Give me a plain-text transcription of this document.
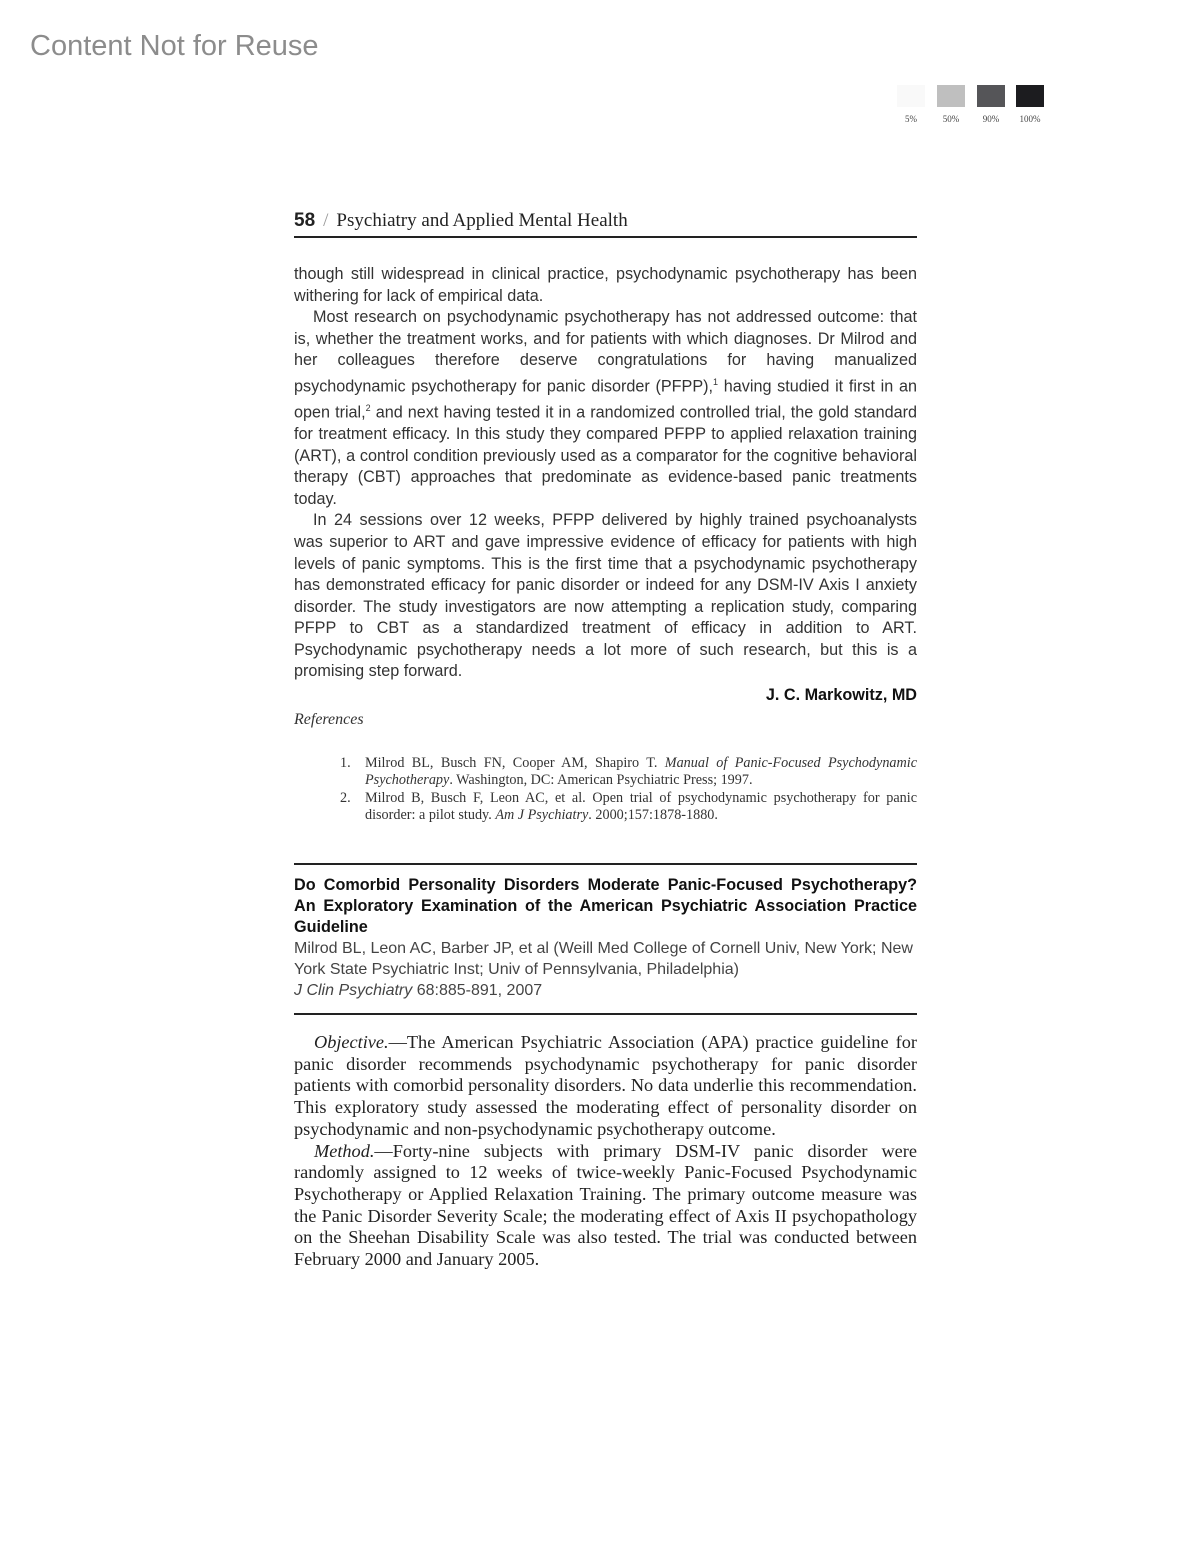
Content Not for Reuse
5%	50%	90%	100%
58 / Psychiatry and Applied Mental Health

though still widespread in clinical practice, psychodynamic psychotherapy has been withering for lack of empirical data.

Most research on psychodynamic psychotherapy has not addressed outcome: that is, whether the treatment works, and for patients with which diagnoses. Dr Milrod and her colleagues therefore deserve congratulations for having manualized psychodynamic psychotherapy for panic disorder (PFPP),$^1$ having studied it first in an open trial,$^2$ and next having tested it in a randomized controlled trial, the gold standard for treatment efficacy. In this study they compared PFPP to applied relaxation training (ART), a control condition previously used as a comparator for the cognitive behavioral therapy (CBT) approaches that predominate as evidence-based panic treatments today.

In 24 sessions over 12 weeks, PFPP delivered by highly trained psychoanalysts was superior to ART and gave impressive evidence of efficacy for patients with high levels of panic symptoms. This is the first time that a psychodynamic psychotherapy has demonstrated efficacy for panic disorder or indeed for any DSM-IV Axis I anxiety disorder. The study investigators are now attempting a replication study, comparing PFPP to CBT as a standardized treatment of efficacy in addition to ART. Psychodynamic psychotherapy needs a lot more of such research, but this is a promising step forward.

J. C. Markowitz, MD
References
1. Milrod BL, Busch FN, Cooper AM, Shapiro T. Manual of Panic-Focused Psychodynamic Psychotherapy. Washington, DC: American Psychiatric Press; 1997.
2. Milrod B, Busch F, Leon AC, et al. Open trial of psychodynamic psychotherapy for panic disorder: a pilot study. Am J Psychiatry. 2000;157:1878-1880.
Do Comorbid Personality Disorders Moderate Panic-Focused Psychotherapy? An Exploratory Examination of the American Psychiatric Association Practice Guideline
Milrod BL, Leon AC, Barber JP, et al (Weill Med College of Cornell Univ, New York; New York State Psychiatric Inst; Univ of Pennsylvania, Philadelphia)
J Clin Psychiatry 68:885-891, 2007

Objective.—The American Psychiatric Association (APA) practice guideline for panic disorder recommends psychodynamic psychotherapy for panic disorder patients with comorbid personality disorders. No data underlie this recommendation. This exploratory study assessed the moderating effect of personality disorder on psychodynamic and non-psychodynamic psychotherapy outcome.

Method.—Forty-nine subjects with primary DSM-IV panic disorder were randomly assigned to 12 weeks of twice-weekly Panic-Focused Psychodynamic Psychotherapy or Applied Relaxation Training. The primary outcome measure was the Panic Disorder Severity Scale; the moderating effect of Axis II psychopathology on the Sheehan Disability Scale was also tested. The trial was conducted between February 2000 and January 2005.
